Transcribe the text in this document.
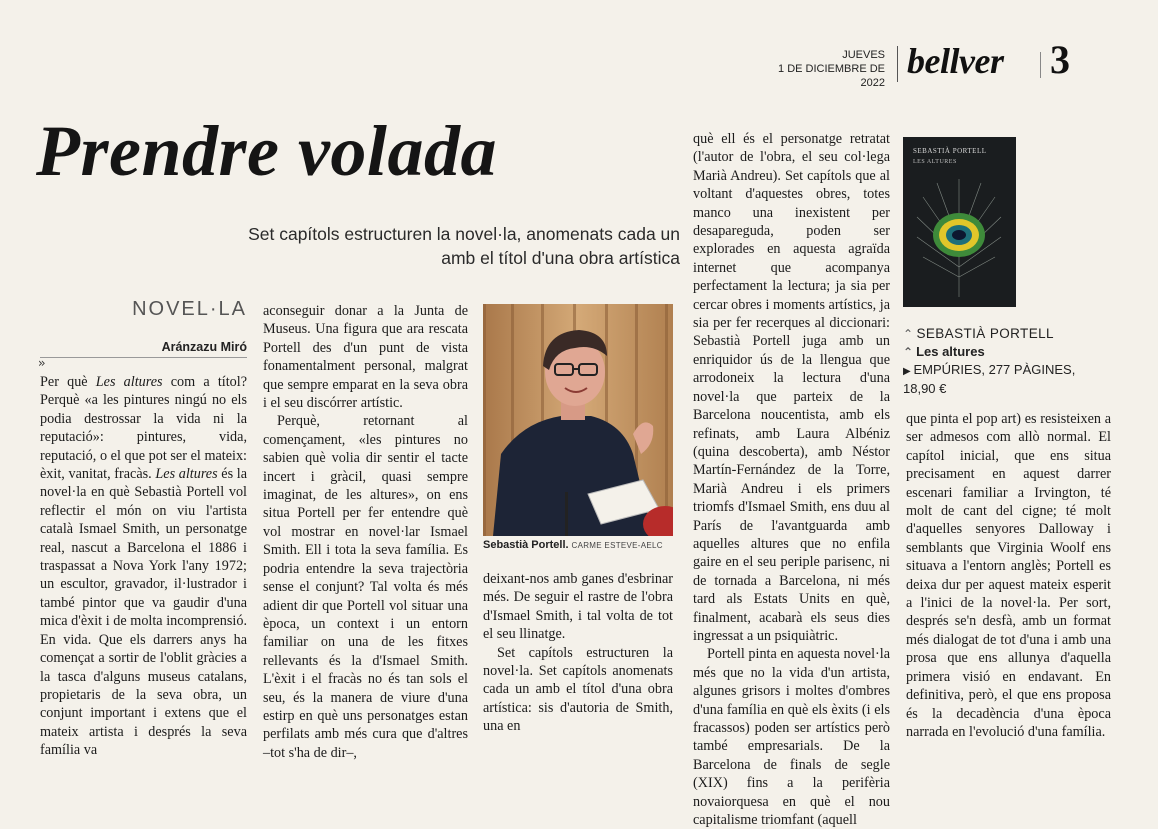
JUEVES
1 DE DICIEMBRE DE 2022
bellver 3
Prendre volada
Set capítols estructuren la novel·la, anomenats cada un amb el títol d'una obra artística
NOVEL·LA
Aránzazu Miró
››

Per què Les altures com a títol? Perquè «a les pintures ningú no els podia destrossar la vida ni la reputació»: pintures, vida, reputació, o el que pot ser el mateix: èxit, vanitat, fracàs. Les altures és la novel·la en què Sebastià Portell vol reflectir el món on viu l'artista català Ismael Smith, un personatge real, nascut a Barcelona el 1886 i traspassat a Nova York l'any 1972; un escultor, gravador, il·lustrador i també pintor que va gaudir d'una mica d'èxit i de molta incomprensió. En vida. Que els darrers anys ha començat a sortir de l'oblit gràcies a la tasca d'alguns museus catalans, propietaris de la seva obra, un conjunt important i extens que el mateix artista i després la seva família va

aconseguir donar a la Junta de Museus. Una figura que ara rescata Portell des d'un punt de vista fonamentalment personal, malgrat que sempre emparat en la seva obra i el seu discórrer artístic.

Perquè, retornant al començament, «les pintures no sabien què volia dir sentir el tacte incert i gràcil, quasi sempre imaginat, de les altures», on ens situa Portell per fer entendre què vol mostrar en novel·lar Ismael Smith. Ell i tota la seva família. Es podria entendre la seva trajectòria sense el conjunt? Tal volta és més adient dir que Portell vol situar una època, un context i un entorn familiar on una de les fitxes rellevants és la d'Ismael Smith. L'èxit i el fracàs no és tan sols el seu, és la manera de viure d'una estirp en què uns personatges estan perfilats amb més cura que d'altres –tot s'ha de dir–,

Sebastià Portell. CARME ESTEVE-AELC

deixant-nos amb ganes d'esbrinar més. De seguir el rastre de l'obra d'Ismael Smith, i tal volta de tot el seu llinatge.

Set capítols estructuren la novel·la. Set capítols anomenats cada un amb el títol d'una obra artística: sis d'autoria de Smith, una en

què ell és el personatge retratat (l'autor de l'obra, el seu col·lega Marià Andreu). Set capítols que al voltant d'aquestes obres, totes manco una inexistent per desapareguda, poden ser explorades en aquesta agraïda internet que acompanya perfectament la lectura; ja sia per cercar obres i moments artístics, ja sia per fer recerques al diccionari: Sebastià Portell juga amb un enriquidor ús de la llengua que arrodoneix la lectura d'una novel·la que parteix de la Barcelona noucentista, amb els refinats, amb Laura Albéniz (quina descoberta), amb Néstor Martín-Fernández de la Torre, Marià Andreu i els primers triomfs d'Ismael Smith, ens duu al París de l'avantguarda amb aquelles altures que no enfila gaire en el seu periple parisenc, ni de tornada a Barcelona, ni més tard als Estats Units en què, finalment, acabarà els seus dies ingressat a un psiquiàtric.

Portell pinta en aquesta novel·la més que no la vida d'un artista, algunes grisors i moltes d'ombres d'una família en què els èxits (i els fracassos) poden ser artístics però també empresarials. De la Barcelona de finals de segle (XIX) fins a la perifèria novaiorquesa en què el nou capitalisme triomfant (aquell

SEBASTIÀ PORTELL
LES ALTURES
⌃ SEBASTIÀ PORTELL
⌃ Les altures
▶ EMPÚRIES, 277 PÀGINES,
18,90 €

que pinta el pop art) es resisteixen a ser admesos com allò normal. El capítol inicial, que ens situa precisament en aquest darrer escenari familiar a Irvington, té molt de cant del cigne; té molt d'aquelles senyores Dalloway i semblants que Virginia Woolf ens situava a l'entorn anglès; Portell es deixa dur per aquest mateix esperit a l'inici de la novel·la. Per sort, després se'n desfà, amb un format més dialogat de tot d'una i amb una prosa que ens allunya d'aquella primera visió en endavant. En definitiva, però, el que ens proposa és la decadència d'una època narrada en l'evolució d'una família.
